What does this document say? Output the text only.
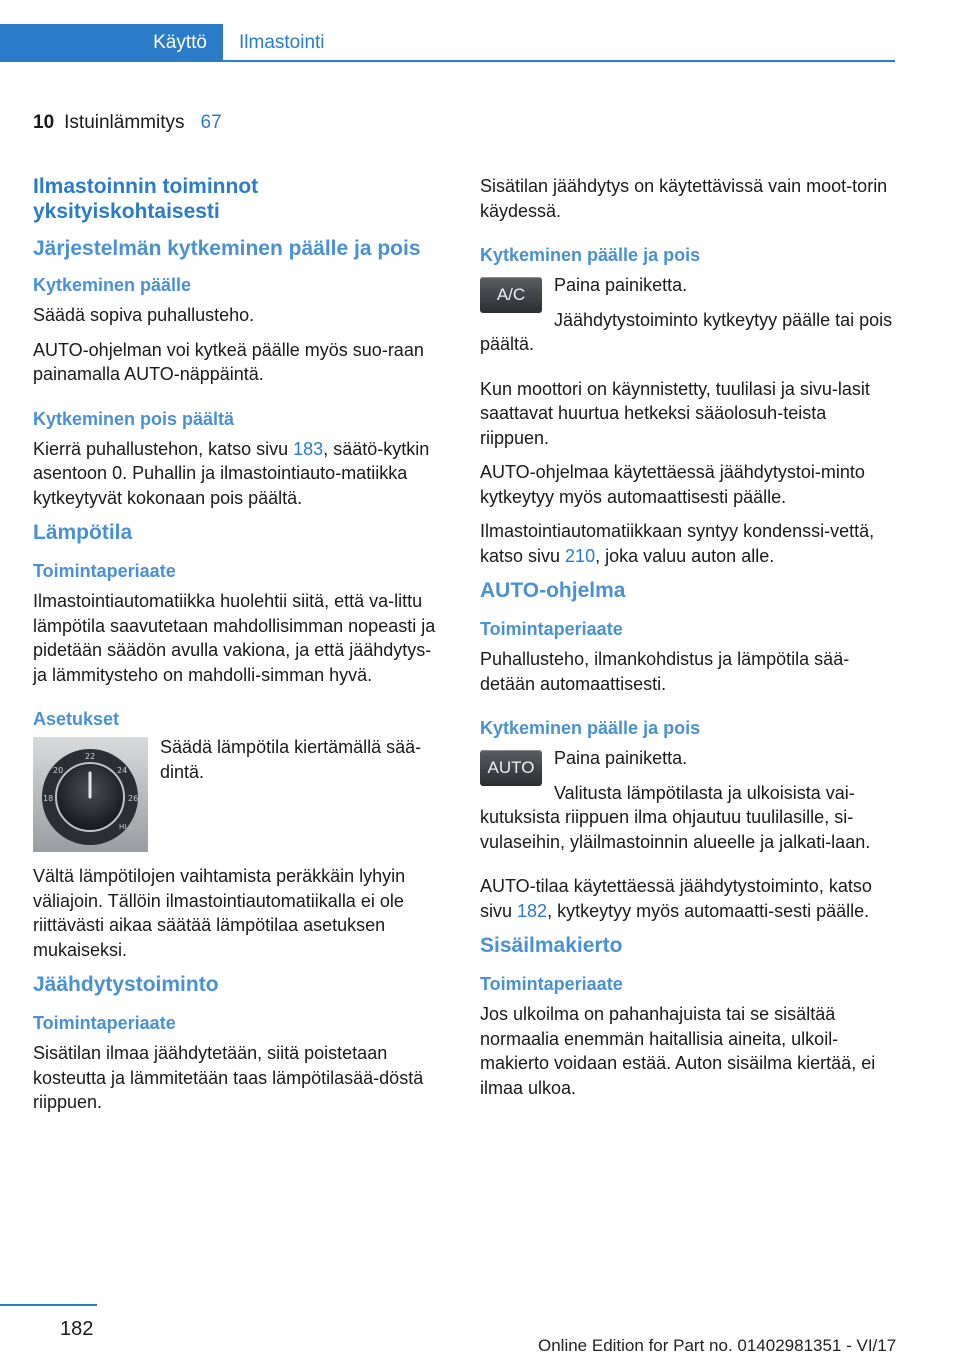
Käyttö	Ilmastointi
10 Istuinlämmitys 67
Ilmastoinnin toiminnot yksityiskohtaisesti
Järjestelmän kytkeminen päälle ja pois
Kytkeminen päälle

Säädä sopiva puhallusteho.

AUTO-ohjelman voi kytkeä päälle myös suo-raan painamalla AUTO-näppäintä.

Kytkeminen pois päältä

Kierrä puhallustehon, katso sivu 183, säätö-kytkin asentoon 0. Puhallin ja ilmastointiauto-matiikka kytkeytyvät kokonaan pois päältä.

Lämpötila
Toimintaperiaate

Ilmastointiautomatiikka huolehtii siitä, että va-littu lämpötila saavutetaan mahdollisimman nopeasti ja pidetään säädön avulla vakiona, ja että jäähdytys- ja lämmitysteho on mahdolli-simman hyvä.

Asetukset
18
20
22
24
26
HI

Säädä lämpötila kiertämällä sää-dintä.

Vältä lämpötilojen vaihtamista peräkkäin lyhyin väliajoin. Tällöin ilmastointiautomatiikalla ei ole riittävästi aikaa säätää lämpötilaa asetuksen mukaiseksi.

Jäähdytystoiminto
Toimintaperiaate

Sisätilan ilmaa jäähdytetään, siitä poistetaan kosteutta ja lämmitetään taas lämpötilasää-döstä riippuen.

Sisätilan jäähdytys on käytettävissä vain moot-torin käydessä.

Kytkeminen päälle ja pois
A/C	Paina painiketta.

Jäähdytystoiminto kytkeytyy päälle tai pois päältä.

Kun moottori on käynnistetty, tuulilasi ja sivu-lasit saattavat huurtua hetkeksi sääolosuh-teista riippuen.

AUTO-ohjelmaa käytettäessä jäähdytystoi-minto kytkeytyy myös automaattisesti päälle.

Ilmastointiautomatiikkaan syntyy kondenssi-vettä, katso sivu 210, joka valuu auton alle.

AUTO-ohjelma
Toimintaperiaate

Puhallusteho, ilmankohdistus ja lämpötila sää-detään automaattisesti.

Kytkeminen päälle ja pois
AUTO	Paina painiketta.

Valitusta lämpötilasta ja ulkoisista vai-kutuksista riippuen ilma ohjautuu tuulilasille, si-vulaseihin, yläilmastoinnin alueelle ja jalkati-laan.

AUTO-tilaa käytettäessä jäähdytystoiminto, katso sivu 182, kytkeytyy myös automaatti-sesti päälle.

Sisäilmakierto
Toimintaperiaate

Jos ulkoilma on pahanhajuista tai se sisältää normaalia enemmän haitallisia aineita, ulkoil-makierto voidaan estää. Auton sisäilma kiertää, ei ilmaa ulkoa.

182
Online Edition for Part no. 01402981351 - VI/17
